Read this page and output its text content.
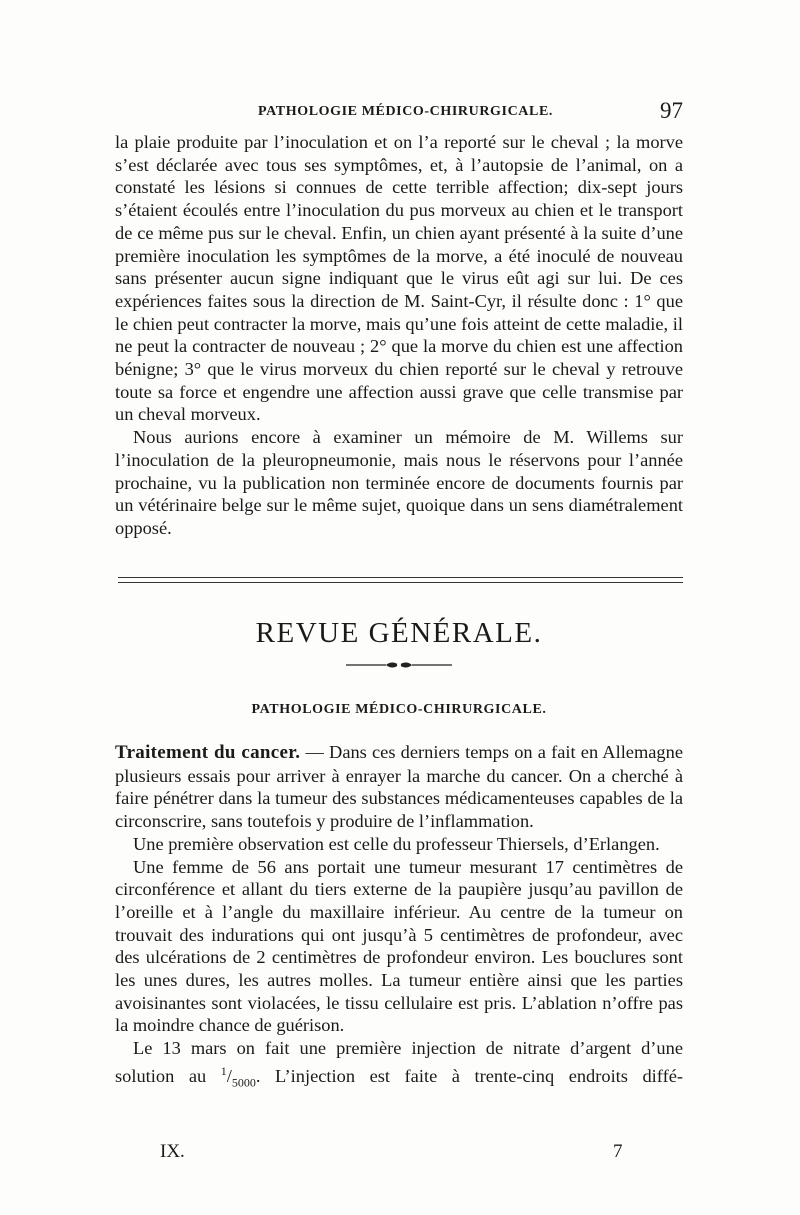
PATHOLOGIE MÉDICO-CHIRURGICALE.	97

la plaie produite par l’inoculation et on l’a reporté sur le cheval ; la morve s’est déclarée avec tous ses symptômes, et, à l’autopsie de l’animal, on a constaté les lésions si connues de cette terrible affection; dix-sept jours s’étaient écoulés entre l’inoculation du pus morveux au chien et le transport de ce même pus sur le cheval. Enfin, un chien ayant présenté à la suite d’une première inoculation les symptômes de la morve, a été inoculé de nouveau sans présenter aucun signe indiquant que le virus eût agi sur lui. De ces expériences faites sous la direction de M. Saint-Cyr, il résulte donc : 1° que le chien peut contracter la morve, mais qu’une fois atteint de cette maladie, il ne peut la contracter de nouveau ; 2° que la morve du chien est une affection bénigne; 3° que le virus morveux du chien reporté sur le cheval y retrouve toute sa force et engendre une affection aussi grave que celle transmise par un cheval morveux.

Nous aurions encore à examiner un mémoire de M. Willems sur l’inoculation de la pleuropneumonie, mais nous le réservons pour l’année prochaine, vu la publication non terminée encore de documents fournis par un vétérinaire belge sur le même sujet, quoique dans un sens diamétralement opposé.

REVUE GÉNÉRALE.
PATHOLOGIE MÉDICO-CHIRURGICALE.

Traitement du cancer. — Dans ces derniers temps on a fait en Allemagne plusieurs essais pour arriver à enrayer la marche du cancer. On a cherché à faire pénétrer dans la tumeur des substances médicamenteuses capables de la circonscrire, sans toutefois y produire de l’inflammation.

Une première observation est celle du professeur Thiersels, d’Erlangen.

Une femme de 56 ans portait une tumeur mesurant 17 centimètres de circonférence et allant du tiers externe de la paupière jusqu’au pavillon de l’oreille et à l’angle du maxillaire inférieur. Au centre de la tumeur on trouvait des indurations qui ont jusqu’à 5 centimètres de profondeur, avec des ulcérations de 2 centimètres de profondeur environ. Les bouclures sont les unes dures, les autres molles. La tumeur entière ainsi que les parties avoisinantes sont violacées, le tissu cellulaire est pris. L’ablation n’offre pas la moindre chance de guérison.

Le 13 mars on fait une première injection de nitrate d’argent d’une solution au $^1/_{5000}$. L’injection est faite à trente-cinq endroits diffé-

IX.	7
